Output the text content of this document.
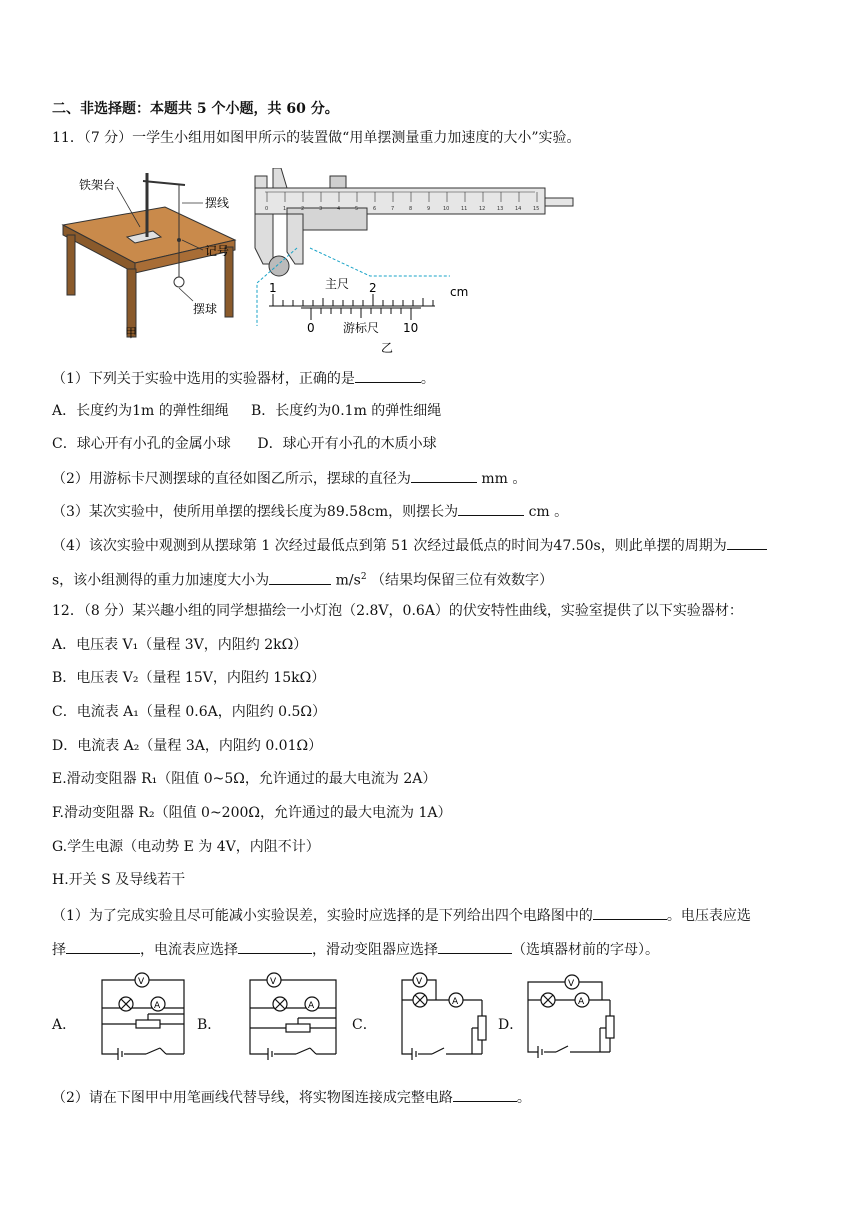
二、非选择题：本题共 5 个小题，共 60 分。
11．（7 分）一学生小组用如图甲所示的装置做“用单摆测量重力加速度的大小”实验。
铁架台
摆线
记号
摆球
甲
0	1	2	3	4	5	6	7	8	9	10 11 12 13 14 15
1	2
主尺
cm
0	10
游标尺
乙
（1）下列关于实验中选用的实验器材，正确的是	。
A．长度约为1m 的弹性细绳 B．长度约为0.1m 的弹性细绳
C．球心开有小孔的金属小球 D．球心开有小孔的木质小球
（2）用游标卡尺测摆球的直径如图乙所示，摆球的直径为	mm 。
（3）某次实验中，使所用单摆的摆线长度为89.58cm，则摆长为	cm 。
（4）该次实验中观测到从摆球第 1 次经过最低点到第 51 次经过最低点的时间为47.50s，则此单摆的周期为
s，该小组测得的重力加速度大小为	$m/s^2$ （结果均保留三位有效数字）
12．（8 分）某兴趣小组的同学想描绘一小灯泡（2.8V，0.6A）的伏安特性曲线，实验室提供了以下实验器材：
A．电压表 V₁（量程 3V，内阻约 2kΩ）
B．电压表 V₂（量程 15V，内阻约 15kΩ）
C．电流表 A₁（量程 0.6A，内阻约 0.5Ω）
D．电流表 A₂（量程 3A，内阻约 0.01Ω）
E.滑动变阻器 R₁（阻值 0~5Ω，允许通过的最大电流为 2A）
F.滑动变阻器 R₂（阻值 0~200Ω，允许通过的最大电流为 1A）
G.学生电源（电动势 E 为 4V，内阻不计）
H.开关 S 及导线若干
（1）为了完成实验且尽可能减小实验误差，实验时应选择的是下列给出四个电路图中的	。电压表应选
择	，电流表应选择	，滑动变阻器应选择	（选填器材前的字母）。
A．	B．	C．	D．
V
A
V
A
V
A
V
A
（2）请在下图甲中用笔画线代替导线，将实物图连接成完整电路	。
